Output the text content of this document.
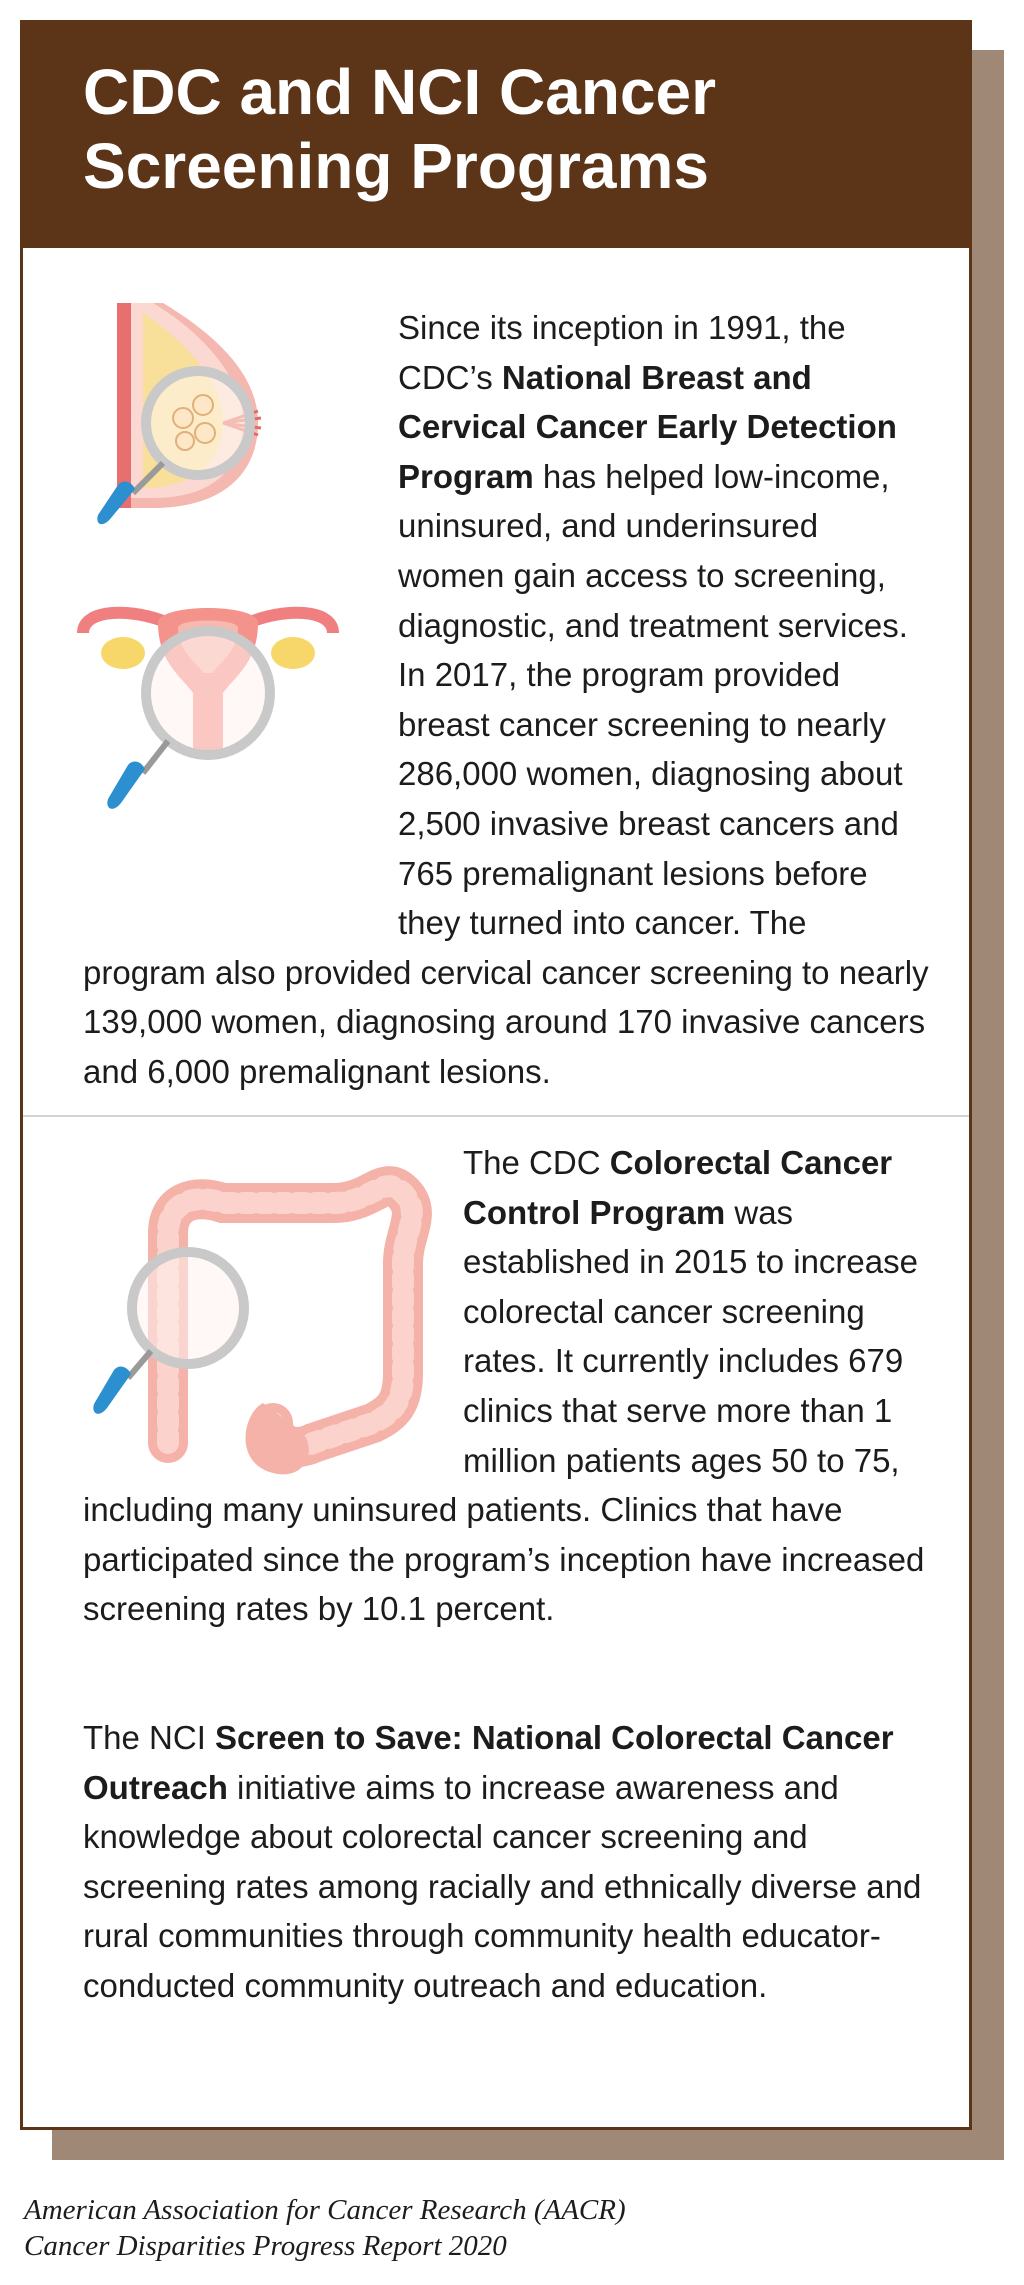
CDC and NCI Cancer Screening Programs

Since its inception in 1991, the CDC’s National Breast and Cervical Cancer Early Detection Program has helped low-income, uninsured, and underinsured women gain access to screening, diagnostic, and treatment services. In 2017, the program provided breast cancer screening to nearly 286,000 women, diagnosing about 2,500 invasive breast cancers and 765 premalignant lesions before they turned into cancer. The program also provided cervical cancer screening to nearly 139,000 women, diagnosing around 170 invasive cancers and 6,000 premalignant lesions.

The CDC Colorectal Cancer Control Program was established in 2015 to increase colorectal cancer screening rates. It currently includes 679 clinics that serve more than 1 million patients ages 50 to 75, including many uninsured patients. Clinics that have participated since the program’s inception have increased screening rates by 10.1 percent.

The NCI Screen to Save: National Colorectal Cancer Outreach initiative aims to increase awareness and knowledge about colorectal cancer screening and screening rates among racially and ethnically diverse and rural communities through community health educator-conducted community outreach and education.

American Association for Cancer Research (AACR)
Cancer Disparities Progress Report 2020
